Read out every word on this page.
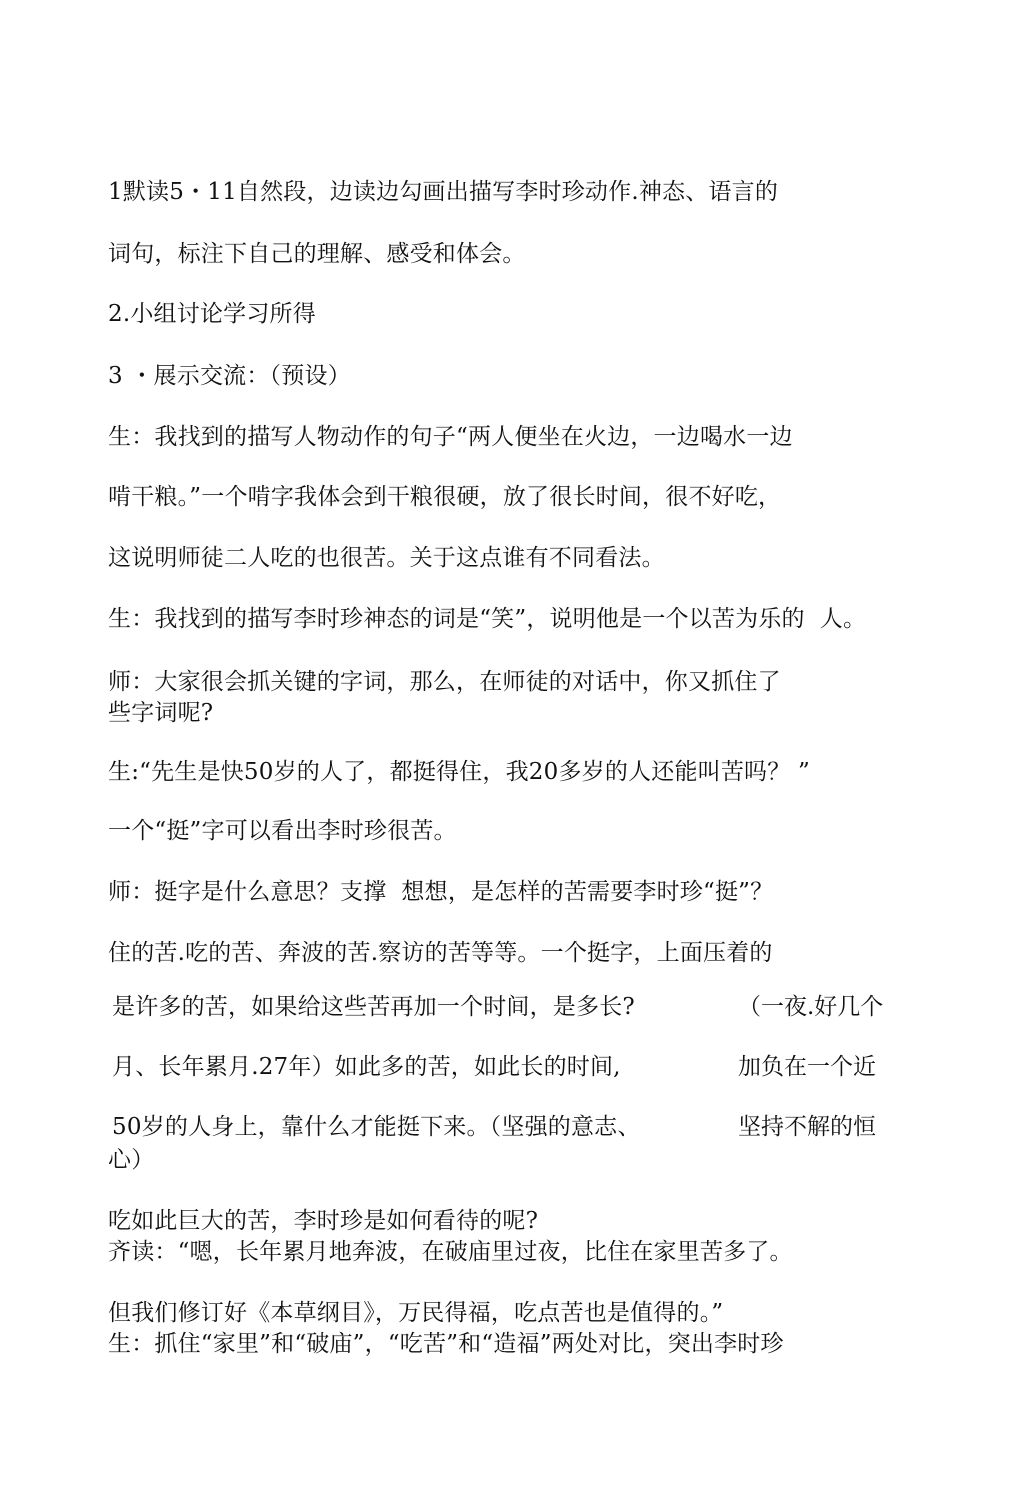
1默读5・11自然段，边读边勾画出描写李时珍动作.神态、语言的
词句，标注下自己的理解、感受和体会。
2.小组讨论学习所得
3 ・展示交流：（预设）
生：我找到的描写人物动作的句子“两人便坐在火边，一边喝水一边
啃干粮。”一个啃字我体会到干粮很硬，放了很长时间，很不好吃，
这说明师徒二人吃的也很苦。关于这点谁有不同看法。
生：我找到的描写李时珍神态的词是“笑”，说明他是一个以苦为乐的  人。
师：大家很会抓关键的字词，那么，在师徒的对话中，你又抓住了
些字词呢?
生:“先生是快50岁的人了，都挺得住，我20多岁的人还能叫苦吗？ ”
一个“挺”字可以看出李时珍很苦。
师：挺字是什么意思？支撑  想想，是怎样的苦需要李时珍“挺”？
住的苦.吃的苦、奔波的苦.察访的苦等等。一个挺字，上面压着的
是许多的苦，如果给这些苦再加一个时间，是多长?
月、长年累月.27年）如此多的苦，如此长的时间,
50岁的人身上，靠什么才能挺下来。（坚强的意志、
心）
吃如此巨大的苦，李时珍是如何看待的呢?
齐读：“嗯，长年累月地奔波，在破庙里过夜，比住在家里苦多了。
但我们修订好《本草纲目》，万民得福，吃点苦也是值得的。”
生：抓住“家里”和“破庙”，“吃苦”和“造福”两处对比，突出李时珍
（一夜.好几个
加负在一个近
坚持不解的恒
